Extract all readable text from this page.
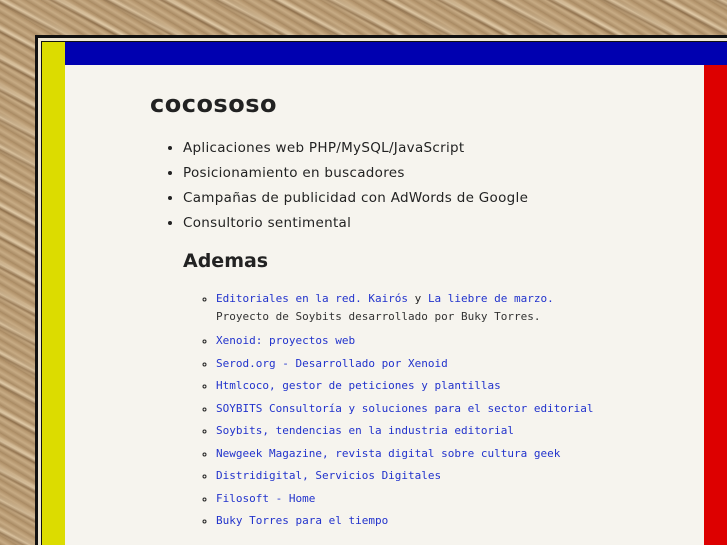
cocososo
• Aplicaciones web PHP/MySQL/JavaScript
• Posicionamiento en buscadores
• Campañas de publicidad con AdWords de Google
• Consultorio sentimental
Ademas
◦ Editoriales en la red. Kairós y La liebre de marzo.
Proyecto de Soybits desarrollado por Buky Torres.
◦ Xenoid: proyectos web
◦ Serod.org - Desarrollado por Xenoid
◦ Htmlcoco, gestor de peticiones y plantillas
◦ SOYBITS Consultoría y soluciones para el sector editorial
◦ Soybits, tendencias en la industria editorial
◦ Newgeek Magazine, revista digital sobre cultura geek
◦ Distridigital, Servicios Digitales
◦ Filosoft - Home
◦ Buky Torres para el tiempo
